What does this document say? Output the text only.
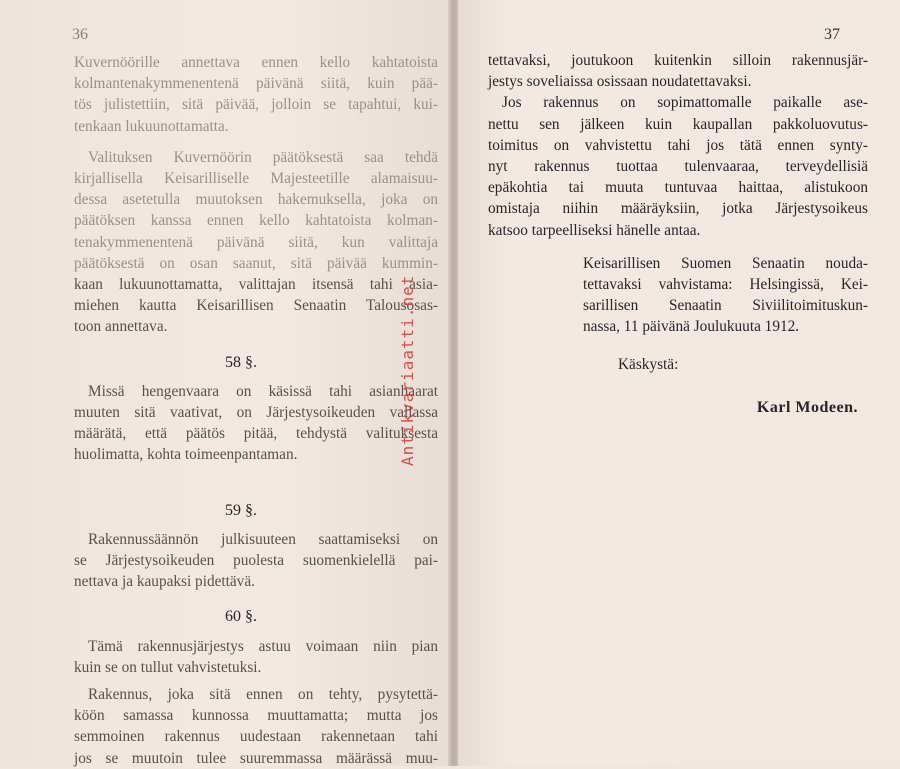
36
Kuvernöörille annettava ennen kello kahtatoista
kolmantenakymmenentenä päivänä siitä, kuin pää-
tös julistettiin, sitä päivää, jolloin se tapahtui, kui-
tenkaan lukuunottamatta.
Valituksen Kuvernöörin päätöksestä saa tehdä
kirjallisella Keisarilliselle Majesteetille alamaisuu-
dessa asetetulla muutoksen hakemuksella, joka on
päätöksen kanssa ennen kello kahtatoista kolman-
tenakymmenentenä päivänä siitä, kun valittaja
päätöksestä on osan saanut, sitä päivää kummin-
kaan lukuunottamatta, valittajan itsensä tahi asia-
miehen kautta Keisarillisen Senaatin Talousosas-
toon annettava.
58 §.
Missä hengenvaara on käsissä tahi asianhaarat
muuten sitä vaativat, on Järjestysoikeuden vallassa
määrätä, että päätös pitää, tehdystä valituksesta
huolimatta, kohta toimeenpantaman.
59 §.
Rakennussäännön julkisuuteen saattamiseksi on
se Järjestysoikeuden puolesta suomenkielellä pai-
nettava ja kaupaksi pidettävä.
60 §.
Tämä rakennusjärjestys astuu voimaan niin pian
kuin se on tullut vahvistetuksi.
Rakennus, joka sitä ennen on tehty, pysytettä-
köön samassa kunnossa muuttamatta; mutta jos
semmoinen rakennus uudestaan rakennetaan tahi
jos se muutoin tulee suuremmassa määrässä muu-
37
tettavaksi, joutukoon kuitenkin silloin rakennusjär-
jestys soveliaissa osissaan noudatettavaksi.
Jos rakennus on sopimattomalle paikalle ase-
nettu sen jälkeen kuin kaupallan pakkoluovutus-
toimitus on vahvistettu tahi jos tätä ennen synty-
nyt rakennus tuottaa tulenvaaraa, terveydellisiä
epäkohtia tai muuta tuntuvaa haittaa, alistukoon
omistaja niihin määräyksiin, jotka Järjestysoikeus
katsoo tarpeelliseksi hänelle antaa.
Keisarillisen Suomen Senaatin nouda-
tettavaksi vahvistama: Helsingissä, Kei-
sarillisen Senaatin Siviilitoimituskun-
nassa, 11 päivänä Joulukuuta 1912.
Käskystä:
Karl Modeen.
Antikvariaatti.net
